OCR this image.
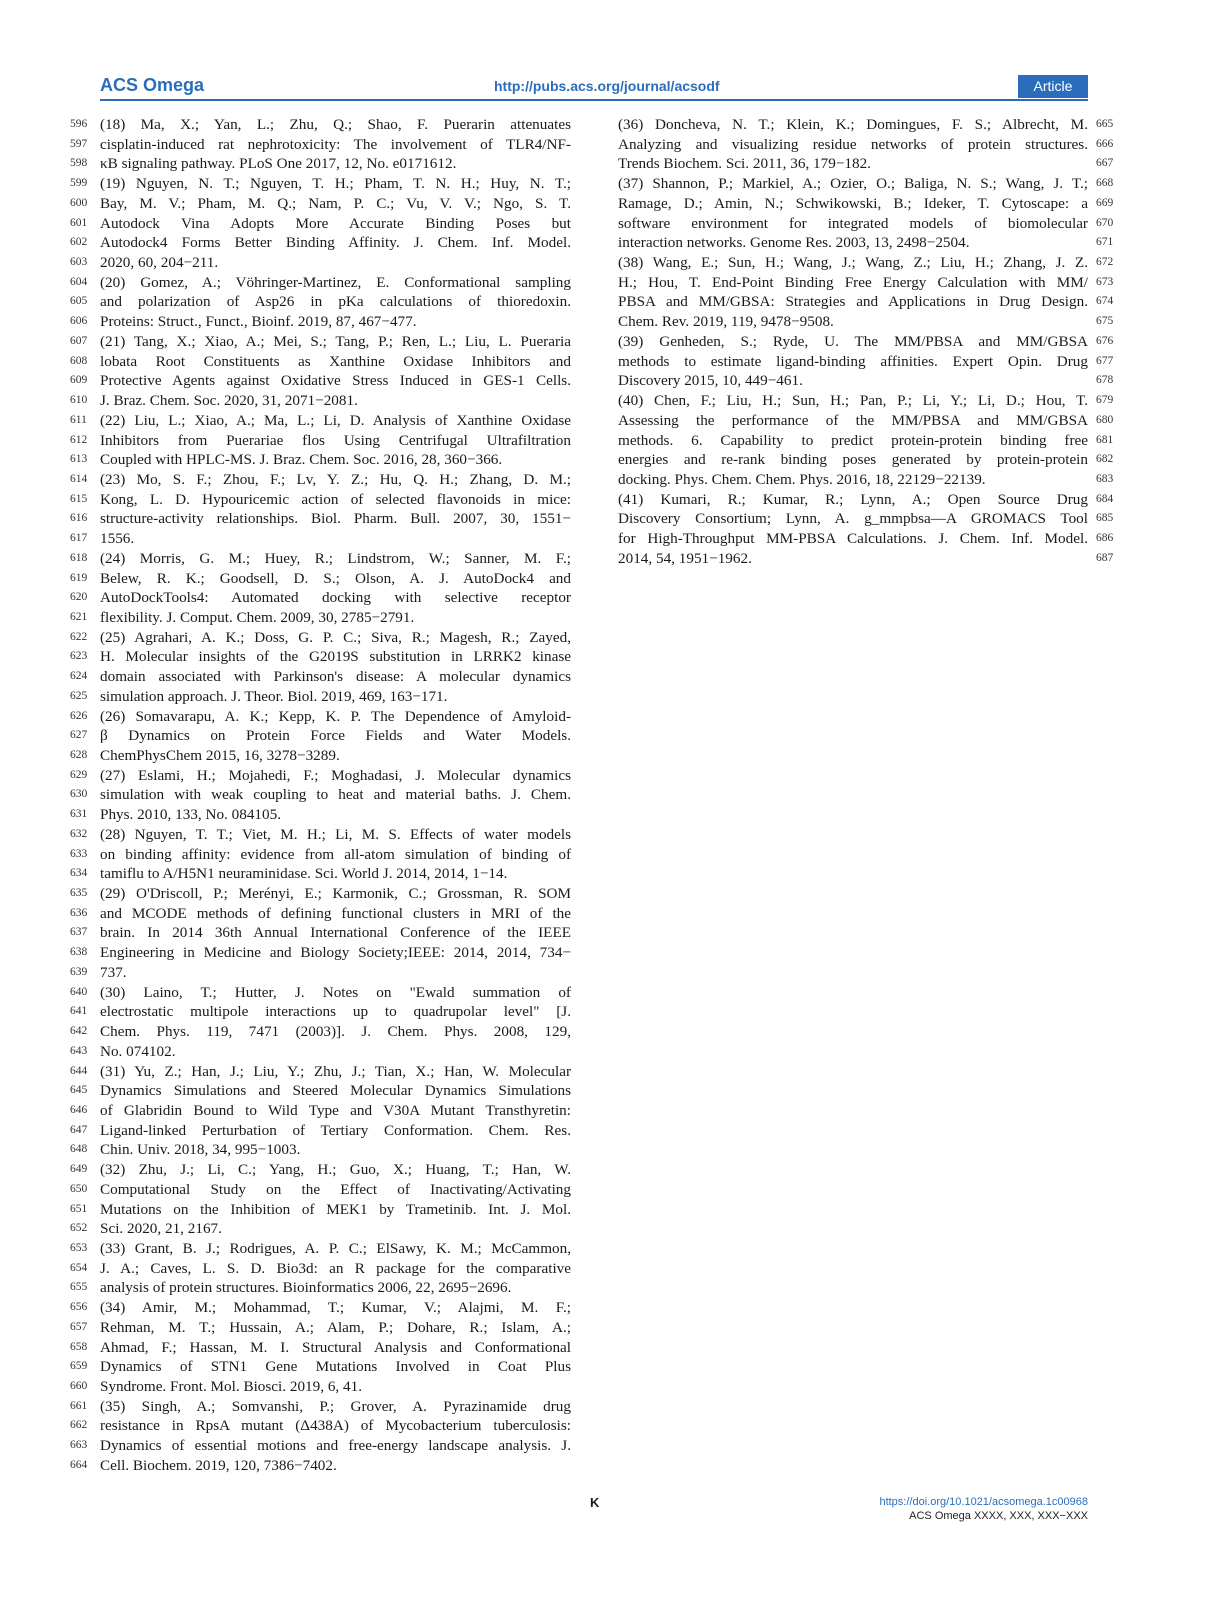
ACS Omega	http://pubs.acs.org/journal/acsodf	Article
596 (18) Ma, X.; Yan, L.; Zhu, Q.; Shao, F. Puerarin attenuates
597 cisplatin-induced rat nephrotoxicity: The involvement of TLR4/NF-
598 κB signaling pathway. PLoS One 2017, 12, No. e0171612.
599 (19) Nguyen, N. T.; Nguyen, T. H.; Pham, T. N. H.; Huy, N. T.;
600 Bay, M. V.; Pham, M. Q.; Nam, P. C.; Vu, V. V.; Ngo, S. T.
601 Autodock Vina Adopts More Accurate Binding Poses but
602 Autodock4 Forms Better Binding Affinity. J. Chem. Inf. Model.
603 2020, 60, 204−211.
604 (20) Gomez, A.; Vöhringer-Martinez, E. Conformational sampling
605 and polarization of Asp26 in pKa calculations of thioredoxin.
606 Proteins: Struct., Funct., Bioinf. 2019, 87, 467−477.
607 (21) Tang, X.; Xiao, A.; Mei, S.; Tang, P.; Ren, L.; Liu, L. Pueraria
608 lobata Root Constituents as Xanthine Oxidase Inhibitors and
609 Protective Agents against Oxidative Stress Induced in GES-1 Cells.
610 J. Braz. Chem. Soc. 2020, 31, 2071−2081.
611 (22) Liu, L.; Xiao, A.; Ma, L.; Li, D. Analysis of Xanthine Oxidase
612 Inhibitors from Puerariae flos Using Centrifugal Ultrafiltration
613 Coupled with HPLC-MS. J. Braz. Chem. Soc. 2016, 28, 360−366.
614 (23) Mo, S. F.; Zhou, F.; Lv, Y. Z.; Hu, Q. H.; Zhang, D. M.;
615 Kong, L. D. Hypouricemic action of selected flavonoids in mice:
616 structure-activity relationships. Biol. Pharm. Bull. 2007, 30, 1551−
617 1556.
618 (24) Morris, G. M.; Huey, R.; Lindstrom, W.; Sanner, M. F.;
619 Belew, R. K.; Goodsell, D. S.; Olson, A. J. AutoDock4 and
620 AutoDockTools4: Automated docking with selective receptor
621 flexibility. J. Comput. Chem. 2009, 30, 2785−2791.
622 (25) Agrahari, A. K.; Doss, G. P. C.; Siva, R.; Magesh, R.; Zayed,
623 H. Molecular insights of the G2019S substitution in LRRK2 kinase
624 domain associated with Parkinson's disease: A molecular dynamics
625 simulation approach. J. Theor. Biol. 2019, 469, 163−171.
626 (26) Somavarapu, A. K.; Kepp, K. P. The Dependence of Amyloid-
627 β Dynamics on Protein Force Fields and Water Models.
628 ChemPhysChem 2015, 16, 3278−3289.
629 (27) Eslami, H.; Mojahedi, F.; Moghadasi, J. Molecular dynamics
630 simulation with weak coupling to heat and material baths. J. Chem.
631 Phys. 2010, 133, No. 084105.
632 (28) Nguyen, T. T.; Viet, M. H.; Li, M. S. Effects of water models
633 on binding affinity: evidence from all-atom simulation of binding of
634 tamiflu to A/H5N1 neuraminidase. Sci. World J. 2014, 2014, 1−14.
635 (29) O'Driscoll, P.; Merényi, E.; Karmonik, C.; Grossman, R. SOM
636 and MCODE methods of defining functional clusters in MRI of the
637 brain. In 2014 36th Annual International Conference of the IEEE
638 Engineering in Medicine and Biology Society;IEEE: 2014, 2014, 734−
639 737.
640 (30) Laino, T.; Hutter, J. Notes on "Ewald summation of
641 electrostatic multipole interactions up to quadrupolar level" [J.
642 Chem. Phys. 119, 7471 (2003)]. J. Chem. Phys. 2008, 129,
643 No. 074102.
644 (31) Yu, Z.; Han, J.; Liu, Y.; Zhu, J.; Tian, X.; Han, W. Molecular
645 Dynamics Simulations and Steered Molecular Dynamics Simulations
646 of Glabridin Bound to Wild Type and V30A Mutant Transthyretin:
647 Ligand-linked Perturbation of Tertiary Conformation. Chem. Res.
648 Chin. Univ. 2018, 34, 995−1003.
649 (32) Zhu, J.; Li, C.; Yang, H.; Guo, X.; Huang, T.; Han, W.
650 Computational Study on the Effect of Inactivating/Activating
651 Mutations on the Inhibition of MEK1 by Trametinib. Int. J. Mol.
652 Sci. 2020, 21, 2167.
653 (33) Grant, B. J.; Rodrigues, A. P. C.; ElSawy, K. M.; McCammon,
654 J. A.; Caves, L. S. D. Bio3d: an R package for the comparative
655 analysis of protein structures. Bioinformatics 2006, 22, 2695−2696.
656 (34) Amir, M.; Mohammad, T.; Kumar, V.; Alajmi, M. F.;
657 Rehman, M. T.; Hussain, A.; Alam, P.; Dohare, R.; Islam, A.;
658 Ahmad, F.; Hassan, M. I. Structural Analysis and Conformational
659 Dynamics of STN1 Gene Mutations Involved in Coat Plus
660 Syndrome. Front. Mol. Biosci. 2019, 6, 41.
661 (35) Singh, A.; Somvanshi, P.; Grover, A. Pyrazinamide drug
662 resistance in RpsA mutant (Δ438A) of Mycobacterium tuberculosis:
663 Dynamics of essential motions and free-energy landscape analysis. J.
664 Cell. Biochem. 2019, 120, 7386−7402.
665
(36) Doncheva, N. T.; Klein, K.; Domingues, F. S.; Albrecht, M.
666
Analyzing and visualizing residue networks of protein structures.
667
Trends Biochem. Sci. 2011, 36, 179−182.
668
(37) Shannon, P.; Markiel, A.; Ozier, O.; Baliga, N. S.; Wang, J. T.;
669
Ramage, D.; Amin, N.; Schwikowski, B.; Ideker, T. Cytoscape: a
670
software environment for integrated models of biomolecular
671
interaction networks. Genome Res. 2003, 13, 2498−2504.
672
(38) Wang, E.; Sun, H.; Wang, J.; Wang, Z.; Liu, H.; Zhang, J. Z.
673
H.; Hou, T. End-Point Binding Free Energy Calculation with MM/
674
PBSA and MM/GBSA: Strategies and Applications in Drug Design.
675
Chem. Rev. 2019, 119, 9478−9508.
676
(39) Genheden, S.; Ryde, U. The MM/PBSA and MM/GBSA
677
methods to estimate ligand-binding affinities. Expert Opin. Drug
678
Discovery 2015, 10, 449−461.
679
(40) Chen, F.; Liu, H.; Sun, H.; Pan, P.; Li, Y.; Li, D.; Hou, T.
680
Assessing the performance of the MM/PBSA and MM/GBSA
681
methods. 6. Capability to predict protein-protein binding free
682
energies and re-rank binding poses generated by protein-protein
683
docking. Phys. Chem. Chem. Phys. 2016, 18, 22129−22139.
684
(41) Kumari, R.; Kumar, R.; Lynn, A.; Open Source Drug
685
Discovery Consortium; Lynn, A. g_mmpbsa—A GROMACS Tool
686
for High-Throughput MM-PBSA Calculations. J. Chem. Inf. Model.
687
2014, 54, 1951−1962.
K	https://doi.org/10.1021/acsomega.1c00968
ACS Omega XXXX, XXX, XXX−XXX
